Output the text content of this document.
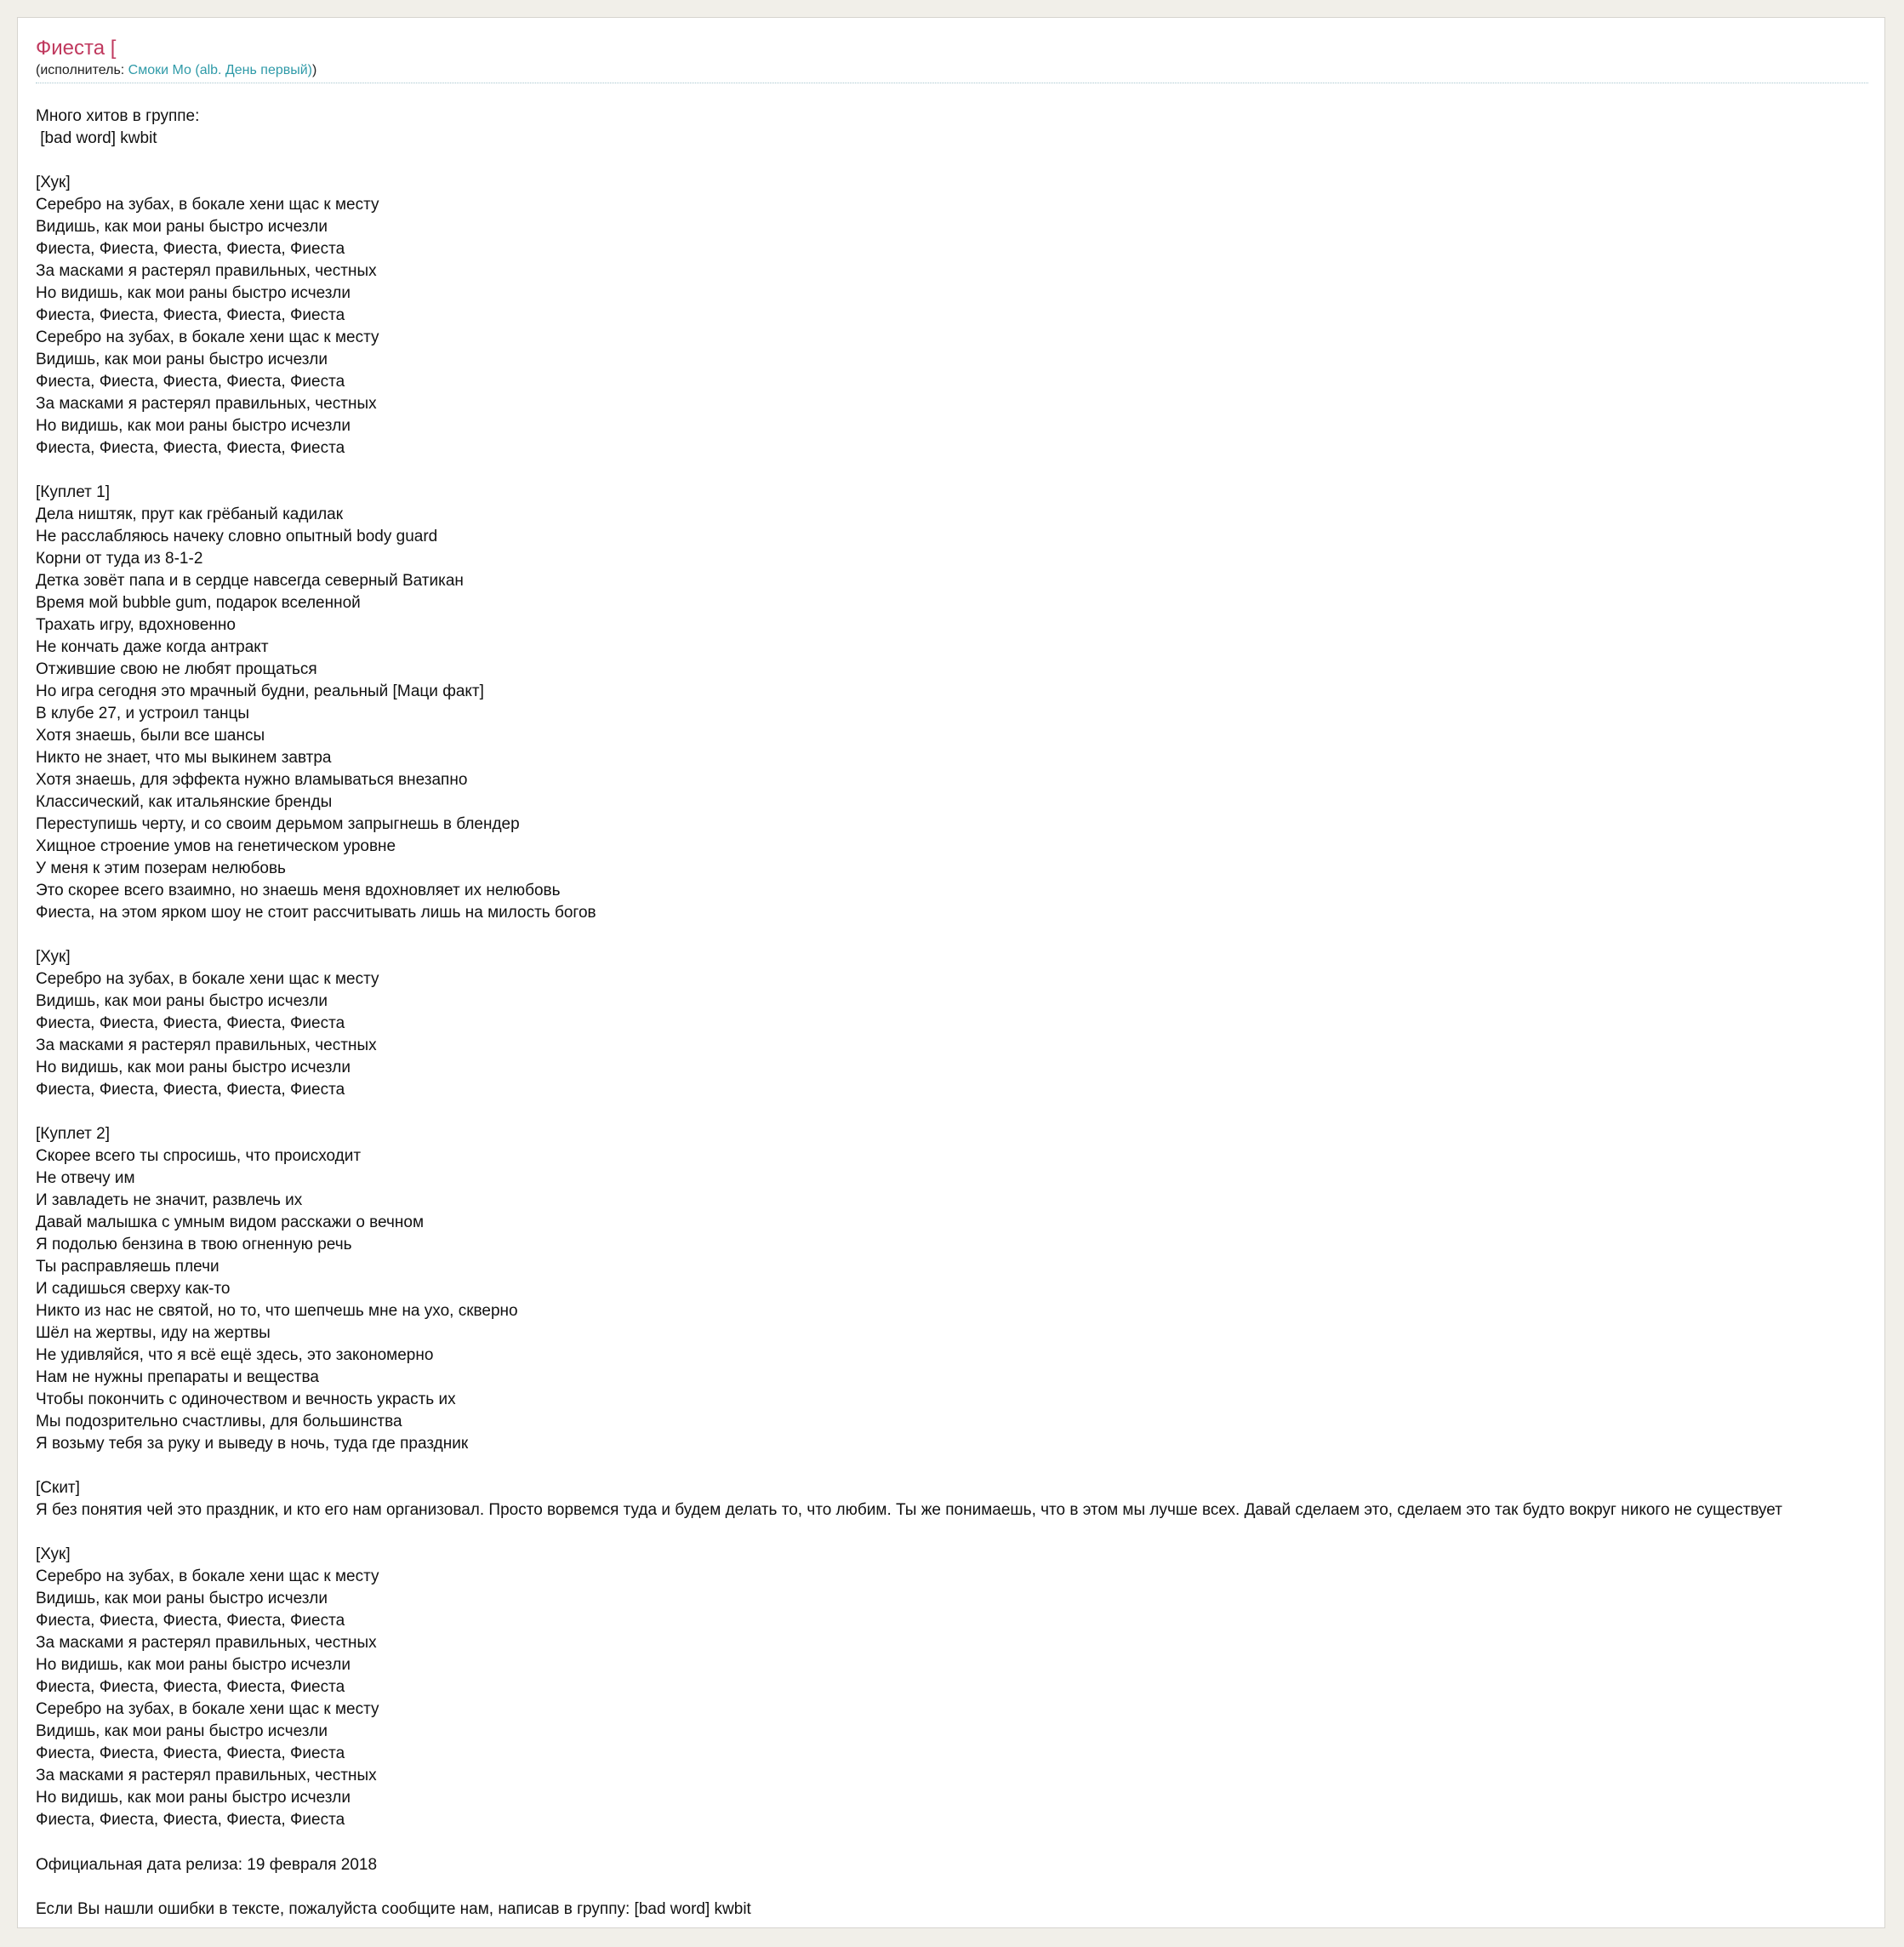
Фиеста [
(исполнитель: Смоки Мо (alb. День первый))
Много хитов в группе:
[bad word] kwbit

[Хук]
Серебро на зубах, в бокале хени щас к месту
Видишь, как мои раны быстро исчезли
Фиеста, Фиеста, Фиеста, Фиеста, Фиеста
За масками я растерял правильных, честных
Но видишь, как мои раны быстро исчезли
Фиеста, Фиеста, Фиеста, Фиеста, Фиеста
Серебро на зубах, в бокале хени щас к месту
Видишь, как мои раны быстро исчезли
Фиеста, Фиеста, Фиеста, Фиеста, Фиеста
За масками я растерял правильных, честных
Но видишь, как мои раны быстро исчезли
Фиеста, Фиеста, Фиеста, Фиеста, Фиеста

[Куплет 1]
Дела ништяк, прут как грёбаный кадилак
Не расслабляюсь начеку словно опытный body guard
Корни от туда из 8-1-2
Детка зовёт папа и в сердце навсегда северный Ватикан
Время мой bubble gum, подарок вселенной
Трахать игру, вдохновенно
Не кончать даже когда антракт
Отжившие свою не любят прощаться
Но игра сегодня это мрачный будни, реальный [Маци факт]
В клубе 27, и устроил танцы
Хотя знаешь, были все шансы
Никто не знает, что мы выкинем завтра
Хотя знаешь, для эффекта нужно вламываться внезапно
Классический, как итальянские бренды
Переступишь черту, и со своим дерьмом запрыгнешь в блендер
Хищное строение умов на генетическом уровне
У меня к этим позерам нелюбовь
Это скорее всего взаимно, но знаешь меня вдохновляет их нелюбовь
Фиеста, на этом ярком шоу не стоит рассчитывать лишь на милость богов

[Хук]
Серебро на зубах, в бокале хени щас к месту
Видишь, как мои раны быстро исчезли
Фиеста, Фиеста, Фиеста, Фиеста, Фиеста
За масками я растерял правильных, честных
Но видишь, как мои раны быстро исчезли
Фиеста, Фиеста, Фиеста, Фиеста, Фиеста

[Куплет 2]
Скорее всего ты спросишь, что происходит
Не отвечу им
И завладеть не значит, развлечь их
Давай малышка с умным видом расскажи о вечном
Я подолью бензина в твою огненную речь
Ты расправляешь плечи
И садишься сверху как-то
Никто из нас не святой, но то, что шепчешь мне на ухо, скверно
Шёл на жертвы, иду на жертвы
Не удивляйся, что я всё ещё здесь, это закономерно
Нам не нужны препараты и вещества
Чтобы покончить с одиночеством и вечность украсть их
Мы подозрительно счастливы, для большинства
Я возьму тебя за руку и выведу в ночь, туда где праздник

[Скит]
Я без понятия чей это праздник, и кто его нам организовал. Просто ворвемся туда и будем делать то, что любим. Ты же понимаешь, что в этом мы лучше всех. Давай сделаем это, сделаем это так будто вокруг никого не существует

[Хук]
Серебро на зубах, в бокале хени щас к месту
Видишь, как мои раны быстро исчезли
Фиеста, Фиеста, Фиеста, Фиеста, Фиеста
За масками я растерял правильных, честных
Но видишь, как мои раны быстро исчезли
Фиеста, Фиеста, Фиеста, Фиеста, Фиеста
Серебро на зубах, в бокале хени щас к месту
Видишь, как мои раны быстро исчезли
Фиеста, Фиеста, Фиеста, Фиеста, Фиеста
За масками я растерял правильных, честных
Но видишь, как мои раны быстро исчезли
Фиеста, Фиеста, Фиеста, Фиеста, Фиеста
Официальная дата релиза: 19 февраля 2018
Если Вы нашли ошибки в тексте, пожалуйста сообщите нам, написав в группу: [bad word] kwbit
